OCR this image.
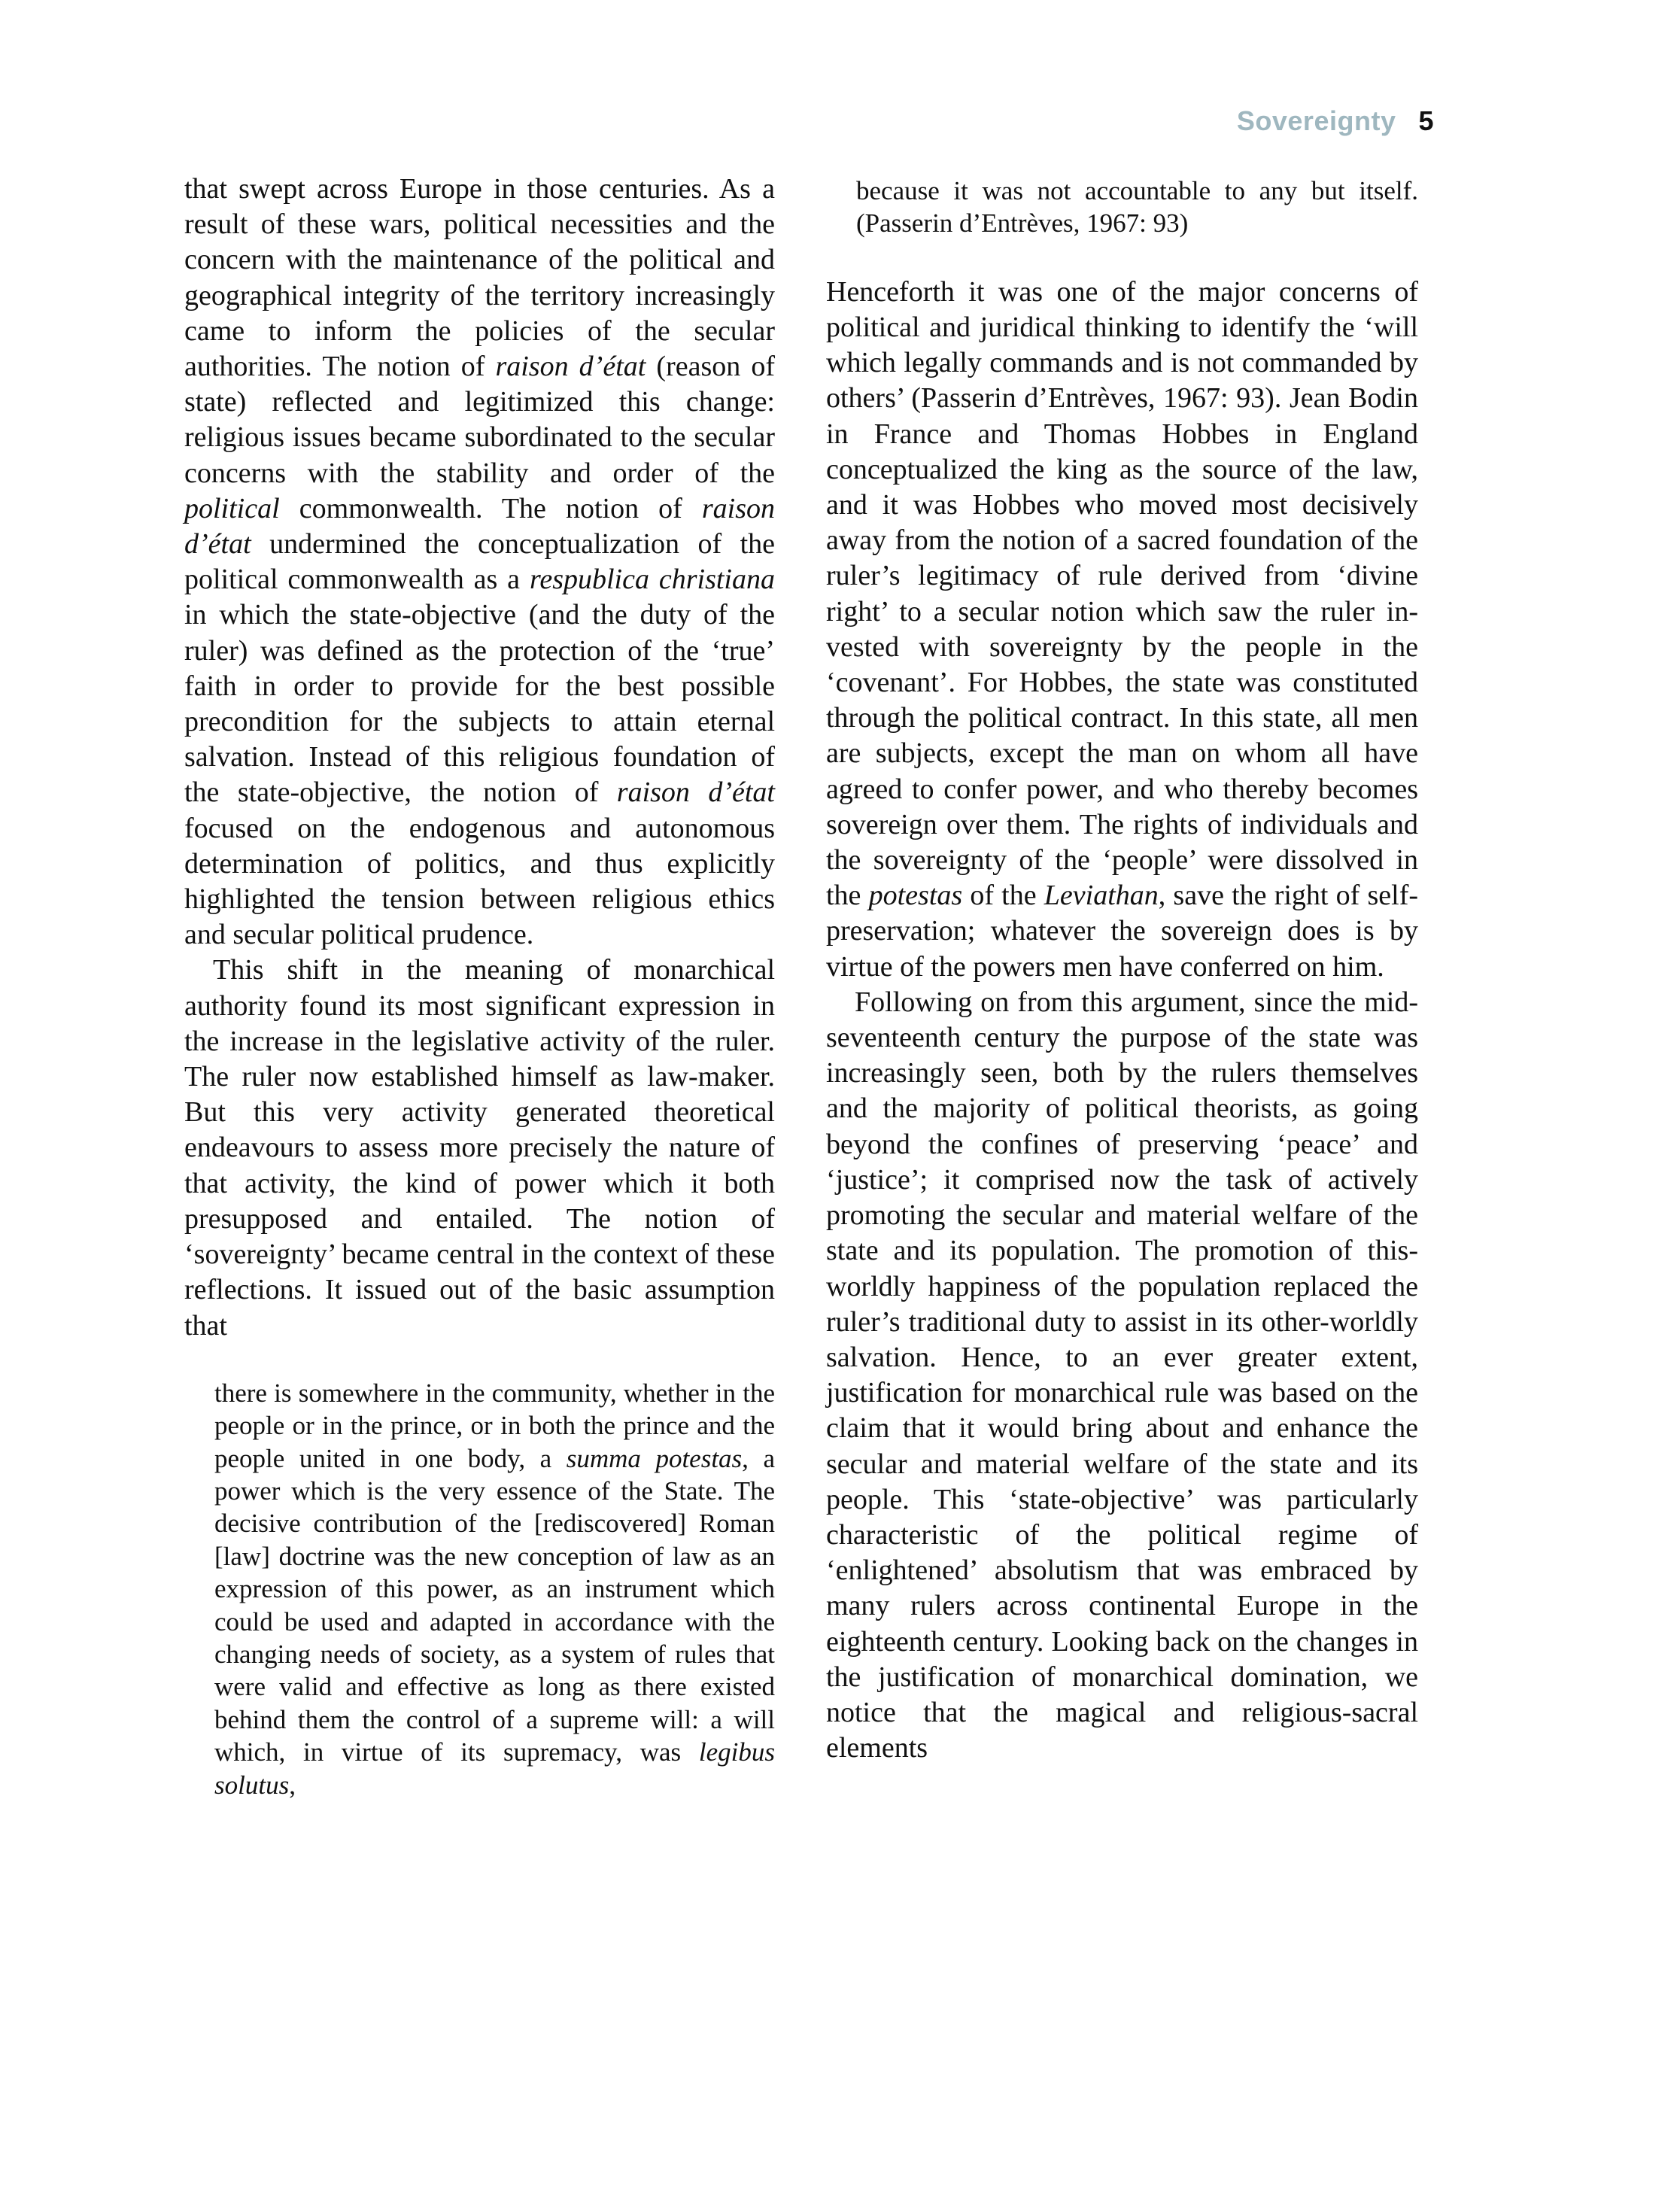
Sovereignty 5

that swept across Europe in those centuries. As a result of these wars, political necessities and the concern with the maintenance of the political and geographical integrity of the territory increasingly came to inform the policies of the secular authorities. The notion of raison d’état (reason of state) reflected and legitimized this change: religious issues became subordinated to the secular concerns with the stability and order of the political commonwealth. The notion of raison d’état undermined the conceptualization of the political commonwealth as a respublica christiana in which the state-objective (and the duty of the ruler) was defined as the protection of the ‘true’ faith in order to provide for the best possible precondition for the subjects to attain eternal salvation. Instead of this religious foundation of the state-objective, the notion of raison d’état focused on the endogenous and autonomous determination of politics, and thus explicitly highlighted the tension between religious ethics and secular political prudence.

This shift in the meaning of monarchical authority found its most significant expression in the increase in the legislative activity of the ruler. The ruler now established himself as law-maker. But this very activity generated theoretical endeavours to assess more precisely the nature of that activity, the kind of power which it both presupposed and entailed. The notion of ‘sovereignty’ became central in the context of these reflections. It issued out of the basic assumption that

there is somewhere in the community, whether in the people or in the prince, or in both the prince and the people united in one body, a summa potestas, a power which is the very essence of the State. The decisive contribution of the [rediscovered] Roman [law] doctrine was the new conception of law as an expression of this power, as an instrument which could be used and adapted in accordance with the changing needs of society, as a system of rules that were valid and effective as long as there existed behind them the control of a supreme will: a will which, in virtue of its supremacy, was legibus solutus,

because it was not accountable to any but itself. (Passerin d’Entrèves, 1967: 93)

Henceforth it was one of the major concerns of political and juridical thinking to identify the ‘will which legally commands and is not commanded by others’ (Passerin d’Entrèves, 1967: 93). Jean Bodin in France and Thomas Hobbes in England conceptualized the king as the source of the law, and it was Hobbes who moved most decisively away from the notion of a sacred foundation of the ruler’s legitimacy of rule derived from ‘divine right’ to a secular notion which saw the ruler invested with sovereignty by the people in the ‘covenant’. For Hobbes, the state was constituted through the political contract. In this state, all men are subjects, except the man on whom all have agreed to confer power, and who thereby becomes sovereign over them. The rights of individuals and the sovereignty of the ‘people’ were dissolved in the potestas of the Leviathan, save the right of self-preservation; whatever the sovereign does is by virtue of the powers men have conferred on him.

Following on from this argument, since the mid-seventeenth century the purpose of the state was increasingly seen, both by the rulers themselves and the majority of political theorists, as going beyond the confines of preserving ‘peace’ and ‘justice’; it comprised now the task of actively promoting the secular and material welfare of the state and its population. The promotion of this-worldly happiness of the population replaced the ruler’s traditional duty to assist in its other-worldly salvation. Hence, to an ever greater extent, justification for monarchical rule was based on the claim that it would bring about and enhance the secular and material welfare of the state and its people. This ‘state-objective’ was particularly characteristic of the political regime of ‘enlightened’ absolutism that was embraced by many rulers across continental Europe in the eighteenth century. Looking back on the changes in the justification of monarchical domination, we notice that the magical and religious-sacral elements
